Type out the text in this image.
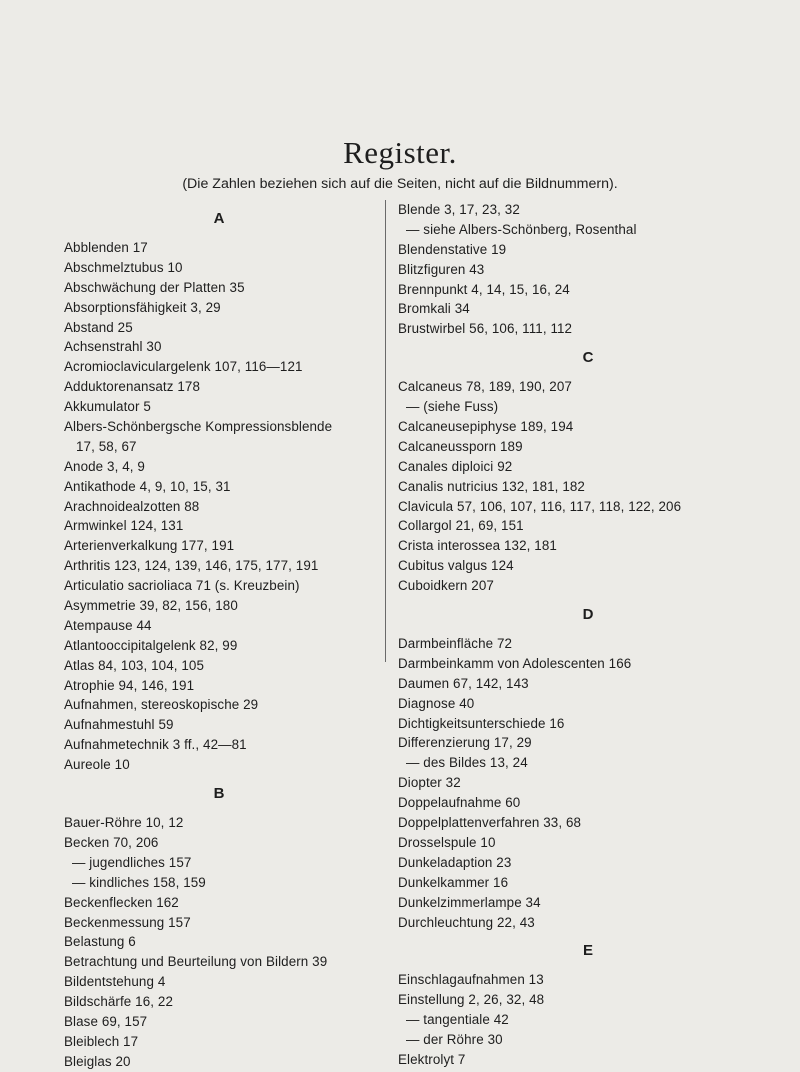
Register.
(Die Zahlen beziehen sich auf die Seiten, nicht auf die Bildnummern).
A
Abblenden 17
Abschmelztubus 10
Abschwächung der Platten 35
Absorptionsfähigkeit 3, 29
Abstand 25
Achsenstrahl 30
Acromioclaviculargelenk 107, 116—121
Adduktorenansatz 178
Akkumulator 5
Albers-Schönbergsche Kompressionsblende
17, 58, 67
Anode 3, 4, 9
Antikathode 4, 9, 10, 15, 31
Arachnoidealzotten 88
Armwinkel 124, 131
Arterienverkalkung 177, 191
Arthritis 123, 124, 139, 146, 175, 177, 191
Articulatio sacrioliaca 71 (s. Kreuzbein)
Asymmetrie 39, 82, 156, 180
Atempause 44
Atlantooccipitalgelenk 82, 99
Atlas 84, 103, 104, 105
Atrophie 94, 146, 191
Aufnahmen, stereoskopische 29
Aufnahmestuhl 59
Aufnahmetechnik 3 ff., 42—81
Aureole 10
B
Bauer-Röhre 10, 12
Becken 70, 206
— jugendliches 157
— kindliches 158, 159
Beckenflecken 162
Beckenmessung 157
Belastung 6
Betrachtung und Beurteilung von Bildern 39
Bildentstehung 4
Bildschärfe 16, 22
Blase 69, 157
Bleiblech 17
Bleiglas 20
Blende 3, 17, 23, 32
— siehe Albers-Schönberg, Rosenthal
Blendenstative 19
Blitzfiguren 43
Brennpunkt 4, 14, 15, 16, 24
Bromkali 34
Brustwirbel 56, 106, 111, 112
C
Calcaneus 78, 189, 190, 207
— (siehe Fuss)
Calcaneusepiphyse 189, 194
Calcaneussporn 189
Canales diploici 92
Canalis nutricius 132, 181, 182
Clavicula 57, 106, 107, 116, 117, 118, 122, 206
Collargol 21, 69, 151
Crista interossea 132, 181
Cubitus valgus 124
Cuboidkern 207
D
Darmbeinfläche 72
Darmbeinkamm von Adolescenten 166
Daumen 67, 142, 143
Diagnose 40
Dichtigkeitsunterschiede 16
Differenzierung 17, 29
— des Bildes 13, 24
Diopter 32
Doppelaufnahme 60
Doppelplattenverfahren 33, 68
Drosselspule 10
Dunkeladaption 23
Dunkelkammer 16
Dunkelzimmerlampe 34
Durchleuchtung 22, 43
E
Einschlagaufnahmen 13
Einstellung 2, 26, 32, 48
— tangentiale 42
— der Röhre 30
Elektrolyt 7
